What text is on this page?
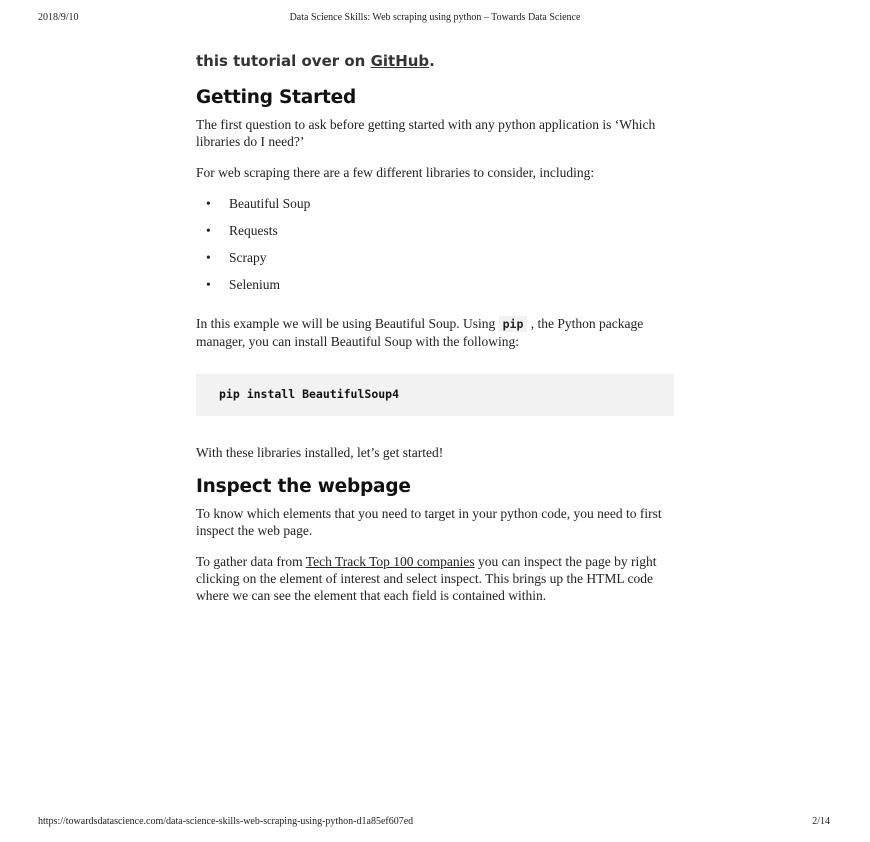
2018/9/10	Data Science Skills: Web scraping using python – Towards Data Science

this tutorial over on GitHub.

Getting Started

The first question to ask before getting started with any python application is ‘Which libraries do I need?’

For web scraping there are a few different libraries to consider, including:

• Beautiful Soup
• Requests
• Scrapy
• Selenium

In this example we will be using Beautiful Soup. Using pip , the Python package manager, you can install Beautiful Soup with the following:

pip install BeautifulSoup4

With these libraries installed, let’s get started!

Inspect the webpage

To know which elements that you need to target in your python code, you need to first inspect the web page.

To gather data from Tech Track Top 100 companies you can inspect the page by right clicking on the element of interest and select inspect. This brings up the HTML code where we can see the element that each field is contained within.

https://towardsdatascience.com/data-science-skills-web-scraping-using-python-d1a85ef607ed	2/14
